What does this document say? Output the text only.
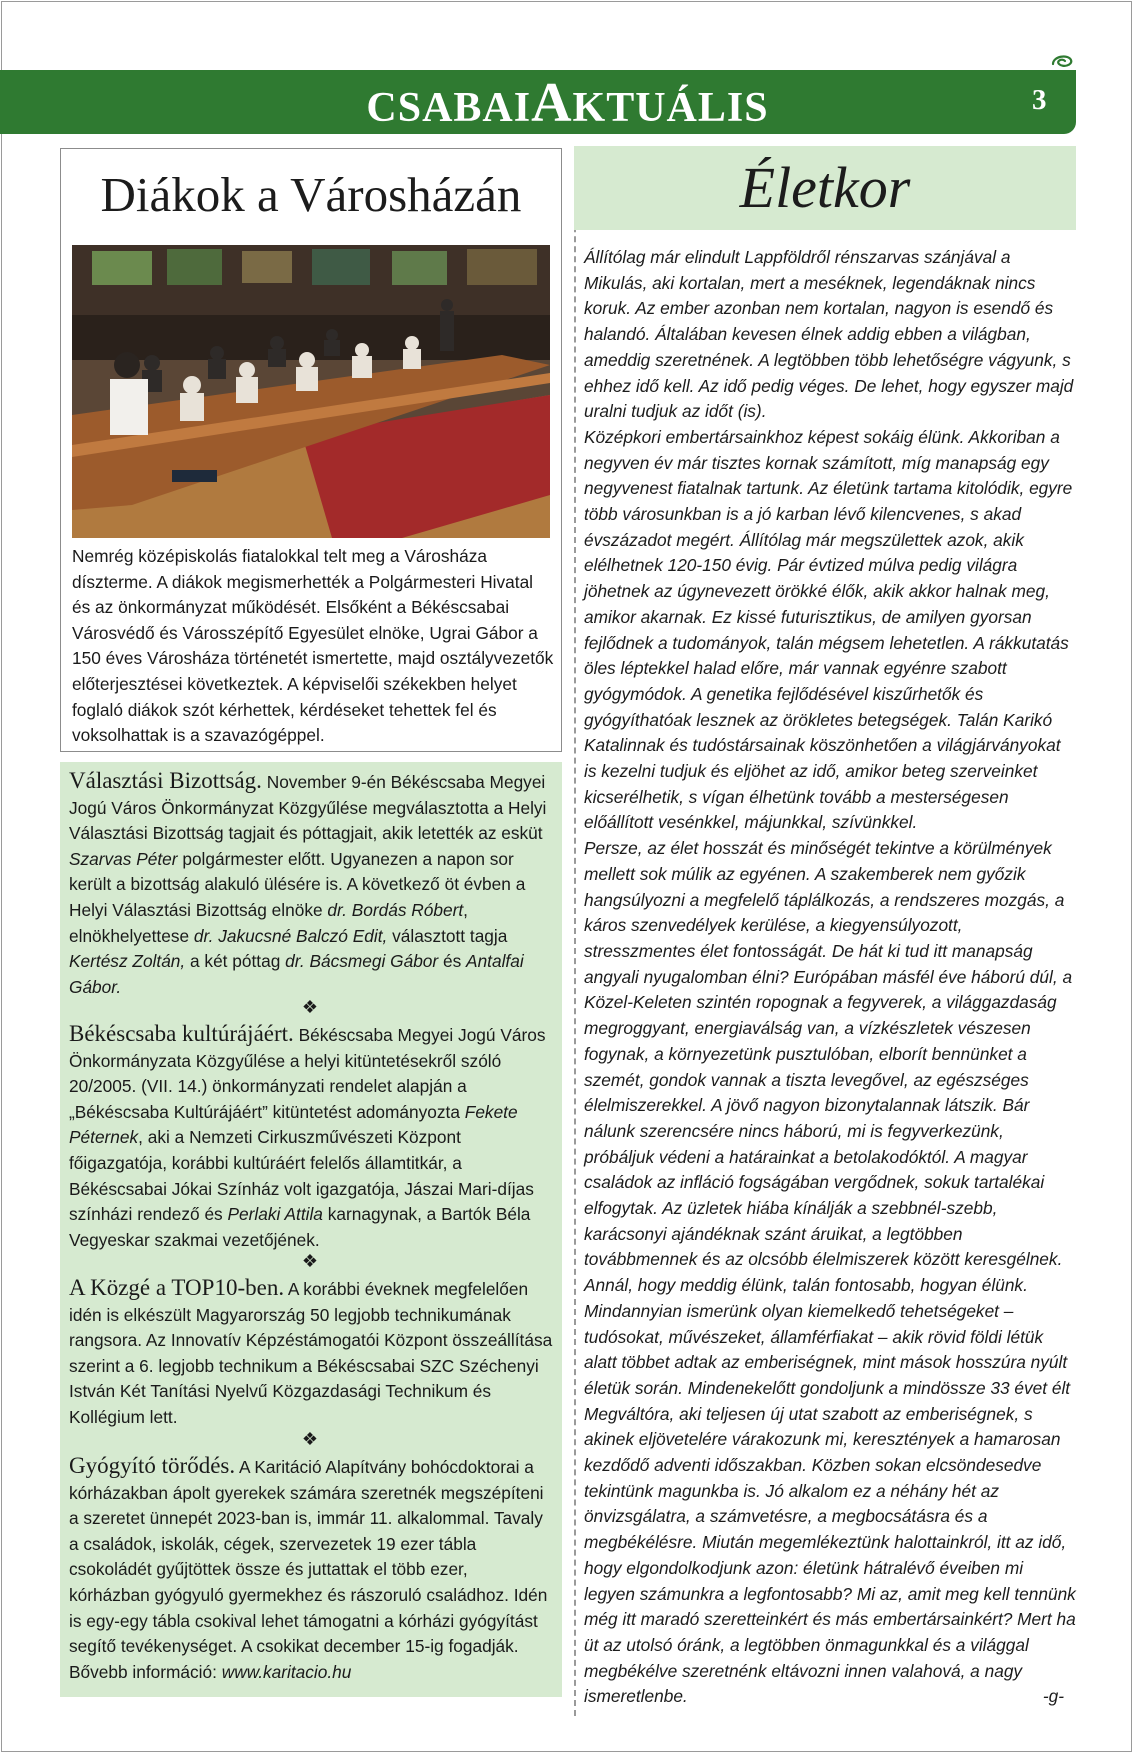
CSABAIAKTUÁLIS	3
Diákok a Városházán

Nemrég középiskolás fiatalokkal telt meg a Városháza díszterme. A diákok megismerhették a Polgármesteri Hivatal és az önkormányzat működését. Elsőként a Békéscsabai Városvédő és Városszépítő Egyesület elnöke, Ugrai Gábor a 150 éves Városháza történetét ismertette, majd osztályvezetők előterjesztései következtek. A képviselői székekben helyet foglaló diákok szót kérhettek, kérdéseket tehettek fel és voksolhattak is a szavazógéppel.

Választási Bizottság. November 9-én Békéscsaba Megyei Jogú Város Önkormányzat Közgyűlése megválasztotta a Helyi Választási Bizottság tagjait és póttagjait, akik letették az esküt Szarvas Péter polgármester előtt. Ugyanezen a napon sor került a bizottság alakuló ülésére is. A következő öt évben a Helyi Választási Bizottság elnöke dr. Bordás Róbert, elnökhelyettese dr. Jakucsné Balczó Edit, választott tagja Kertész Zoltán, a két póttag dr. Bácsmegi Gábor és Antalfai Gábor.

❖

Békéscsaba kultúrájáért. Békéscsaba Megyei Jogú Város Önkormányzata Közgyűlése a helyi kitüntetésekről szóló 20/2005. (VII. 14.) önkormányzati rendelet alapján a „Békéscsaba Kultúrájáért” kitüntetést adományozta Fekete Péternek, aki a Nemzeti Cirkuszművészeti Központ főigazgatója, korábbi kultúráért felelős államtitkár, a Békéscsabai Jókai Színház volt igazgatója, Jászai Mari-díjas színházi rendező és Perlaki Attila karnagynak, a Bartók Béla Vegyeskar szakmai vezetőjének.

❖

A Közgé a TOP10-ben. A korábbi éveknek megfelelően idén is elkészült Magyarország 50 legjobb technikumának rangsora. Az Innovatív Képzéstámogatói Központ összeállítása szerint a 6. legjobb technikum a Békéscsabai SZC Széchenyi István Két Tanítási Nyelvű Közgazdasági Technikum és Kollégium lett.

❖

Gyógyító törődés. A Karitáció Alapítvány bohócdoktorai a kórházakban ápolt gyerekek számára szeretnék megszépíteni a szeretet ünnepét 2023-ban is, immár 11. alkalommal. Tavaly a családok, iskolák, cégek, szervezetek 19 ezer tábla csokoládét gyűjtöttek össze és juttattak el több ezer, kórházban gyógyuló gyermekhez és rászoruló családhoz. Idén is egy-egy tábla csokival lehet támogatni a kórházi gyógyítást segítő tevékenységet. A csokikat december 15-ig fogadják. Bővebb információ: www.karitacio.hu

Életkor

Állítólag már elindult Lappföldről rénszarvas szánjával a Mikulás, aki kortalan, mert a meséknek, legendáknak nincs koruk. Az ember azonban nem kortalan, nagyon is esendő és halandó. Általában kevesen élnek addig ebben a világban, ameddig szeretnének. A legtöbben több lehetőségre vágyunk, s ehhez idő kell. Az idő pedig véges. De lehet, hogy egyszer majd uralni tudjuk az időt (is).
Középkori embertársainkhoz képest sokáig élünk. Akkoriban a negyven év már tisztes kornak számított, míg manapság egy negyvenest fiatalnak tartunk. Az életünk tartama kitolódik, egyre több városunkban is a jó karban lévő kilencvenes, s akad évszázadot megért. Állítólag már megszülettek azok, akik elélhetnek 120-150 évig. Pár évtized múlva pedig világra jöhetnek az úgynevezett örökké élők, akik akkor halnak meg, amikor akarnak. Ez kissé futurisztikus, de amilyen gyorsan fejlődnek a tudományok, talán mégsem lehetetlen. A rákkutatás öles léptekkel halad előre, már vannak egyénre szabott gyógymódok. A genetika fejlődésével kiszűrhetők és gyógyíthatóak lesznek az örökletes betegségek. Talán Karikó Katalinnak és tudóstársainak köszönhetően a világjárványokat is kezelni tudjuk és eljöhet az idő, amikor beteg szerveinket kicserélhetik, s vígan élhetünk tovább a mesterségesen előállított vesénkkel, májunkkal, szívünkkel.
Persze, az élet hosszát és minőségét tekintve a körülmények mellett sok múlik az egyénen. A szakemberek nem győzik hangsúlyozni a megfelelő táplálkozás, a rendszeres mozgás, a káros szenvedélyek kerülése, a kiegyensúlyozott, stresszmentes élet fontosságát. De hát ki tud itt manapság angyali nyugalomban élni? Európában másfél éve háború dúl, a Közel-Keleten szintén ropognak a fegyverek, a világgazdaság megroggyant, energiaválság van, a vízkészletek vészesen fogynak, a környezetünk pusztulóban, elborít bennünket a szemét, gondok vannak a tiszta levegővel, az egészséges élelmiszerekkel. A jövő nagyon bizonytalannak látszik. Bár nálunk szerencsére nincs háború, mi is fegyverkezünk, próbáljuk védeni a határainkat a betolakodóktól. A magyar családok az infláció fogságában vergődnek, sokuk tartalékai elfogytak. Az üzletek hiába kínálják a szebbnél-szebb, karácsonyi ajándéknak szánt áruikat, a legtöbben továbbmennek és az olcsóbb élelmiszerek között keresgélnek.
Annál, hogy meddig élünk, talán fontosabb, hogyan élünk. Mindannyian ismerünk olyan kiemelkedő tehetségeket – tudósokat, művészeket, államférfiakat – akik rövid földi létük alatt többet adtak az emberiségnek, mint mások hosszúra nyúlt életük során. Mindenekelőtt gondoljunk a mindössze 33 évet élt Megváltóra, aki teljesen új utat szabott az emberiségnek, s akinek eljövetelére várakozunk mi, keresztények a hamarosan kezdődő adventi időszakban. Közben sokan elcsöndesedve tekintünk magunkba is. Jó alkalom ez a néhány hét az önvizsgálatra, a számvetésre, a megbocsátásra és a megbékélésre. Miután megemlékeztünk halottainkról, itt az idő, hogy elgondolkodjunk azon: életünk hátralévő éveiben mi legyen számunkra a legfontosabb? Mi az, amit meg kell tennünk még itt maradó szeretteinkért és más embertársainkért? Mert ha üt az utolsó óránk, a legtöbben önmagunkkal és a világgal megbékélve szeretnénk eltávozni innen valahová, a nagy ismeretlenbe.	-g-
